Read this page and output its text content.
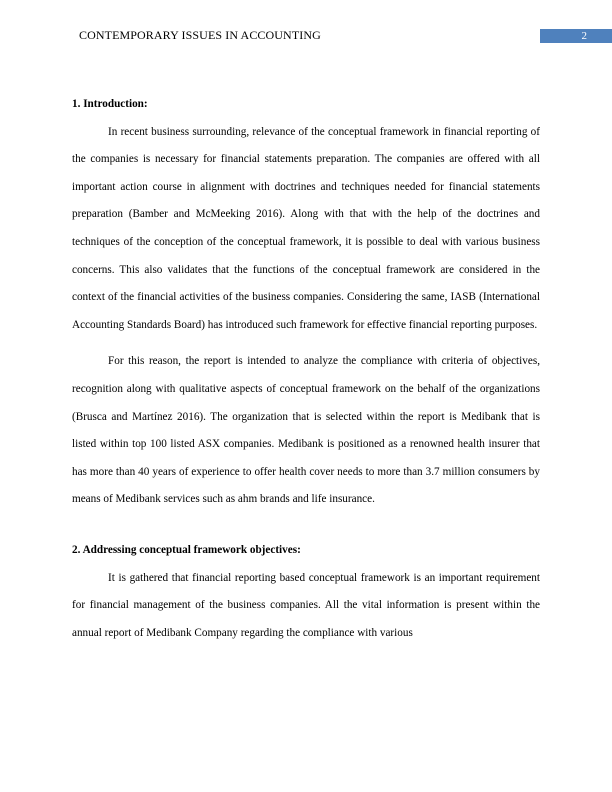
CONTEMPORARY ISSUES IN ACCOUNTING	2

1. Introduction:

In recent business surrounding, relevance of the conceptual framework in financial reporting of the companies is necessary for financial statements preparation. The companies are offered with all important action course in alignment with doctrines and techniques needed for financial statements preparation (Bamber and McMeeking 2016). Along with that with the help of the doctrines and techniques of the conception of the conceptual framework, it is possible to deal with various business concerns. This also validates that the functions of the conceptual framework are considered in the context of the financial activities of the business companies. Considering the same, IASB (International Accounting Standards Board) has introduced such framework for effective financial reporting purposes.

For this reason, the report is intended to analyze the compliance with criteria of objectives, recognition along with qualitative aspects of conceptual framework on the behalf of the organizations (Brusca and Martínez 2016). The organization that is selected within the report is Medibank that is listed within top 100 listed ASX companies. Medibank is positioned as a renowned health insurer that has more than 40 years of experience to offer health cover needs to more than 3.7 million consumers by means of Medibank services such as ahm brands and life insurance.

2. Addressing conceptual framework objectives:

It is gathered that financial reporting based conceptual framework is an important requirement for financial management of the business companies. All the vital information is present within the annual report of Medibank Company regarding the compliance with various
